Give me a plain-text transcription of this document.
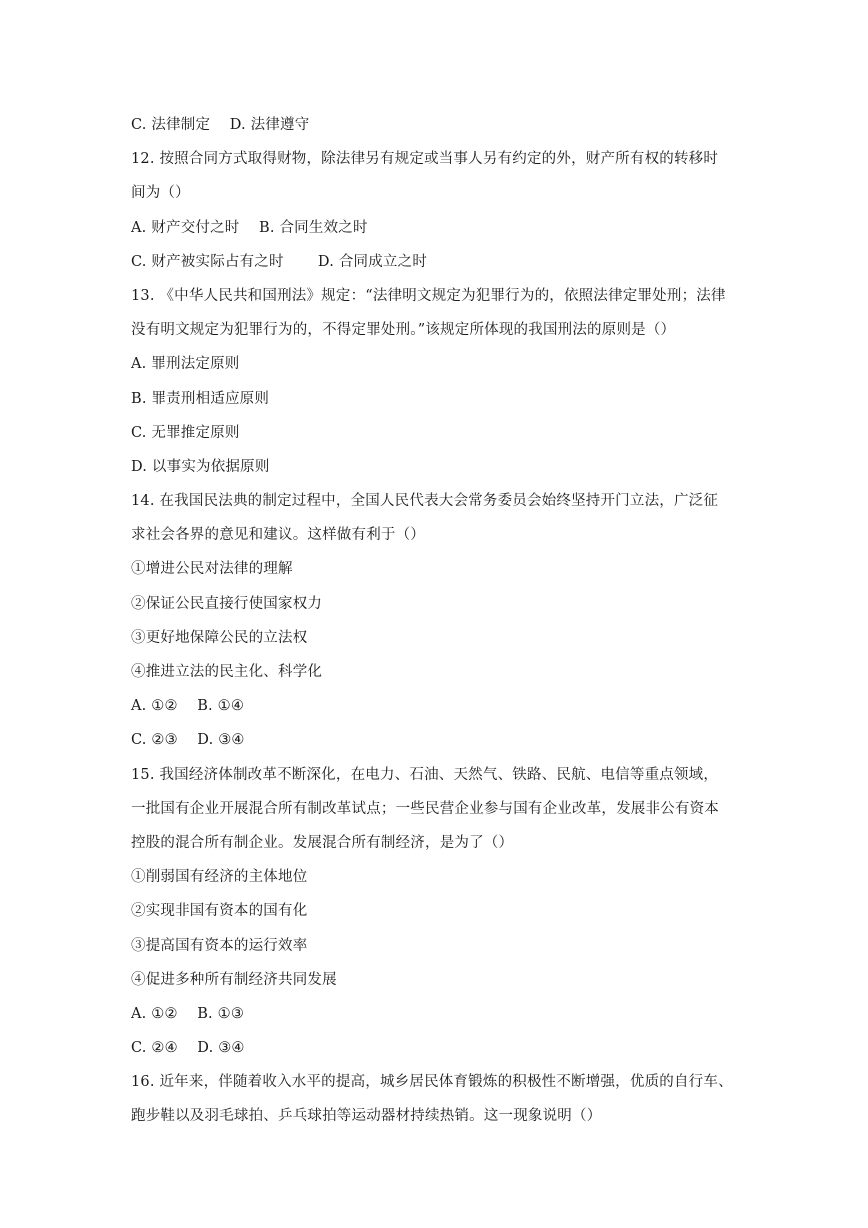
C. 法律制定　 D. 法律遵守
12. 按照合同方式取得财物，除法律另有规定或当事人另有约定的外，财产所有权的转移时
间为（）
A. 财产交付之时　 B. 合同生效之时
C. 财产被实际占有之时　　 D. 合同成立之时
13. 《中华人民共和国刑法》规定：“法律明文规定为犯罪行为的，依照法律定罪处刑；法律
没有明文规定为犯罪行为的，不得定罪处刑。”该规定所体现的我国刑法的原则是（）
A. 罪刑法定原则
B. 罪责刑相适应原则
C. 无罪推定原则
D. 以事实为依据原则
14. 在我国民法典的制定过程中，全国人民代表大会常务委员会始终坚持开门立法，广泛征
求社会各界的意见和建议。这样做有利于（）
①增进公民对法律的理解
②保证公民直接行使国家权力
③更好地保障公民的立法权
④推进立法的民主化、科学化
A. ①②　 B. ①④
C. ②③　 D. ③④
15. 我国经济体制改革不断深化，在电力、石油、天然气、铁路、民航、电信等重点领域，
一批国有企业开展混合所有制改革试点；一些民营企业参与国有企业改革，发展非公有资本
控股的混合所有制企业。发展混合所有制经济，是为了（）
①削弱国有经济的主体地位
②实现非国有资本的国有化
③提高国有资本的运行效率
④促进多种所有制经济共同发展
A. ①②　 B. ①③
C. ②④　 D. ③④
16. 近年来，伴随着收入水平的提高，城乡居民体育锻炼的积极性不断增强，优质的自行车、
跑步鞋以及羽毛球拍、乒乓球拍等运动器材持续热销。这一现象说明（）
